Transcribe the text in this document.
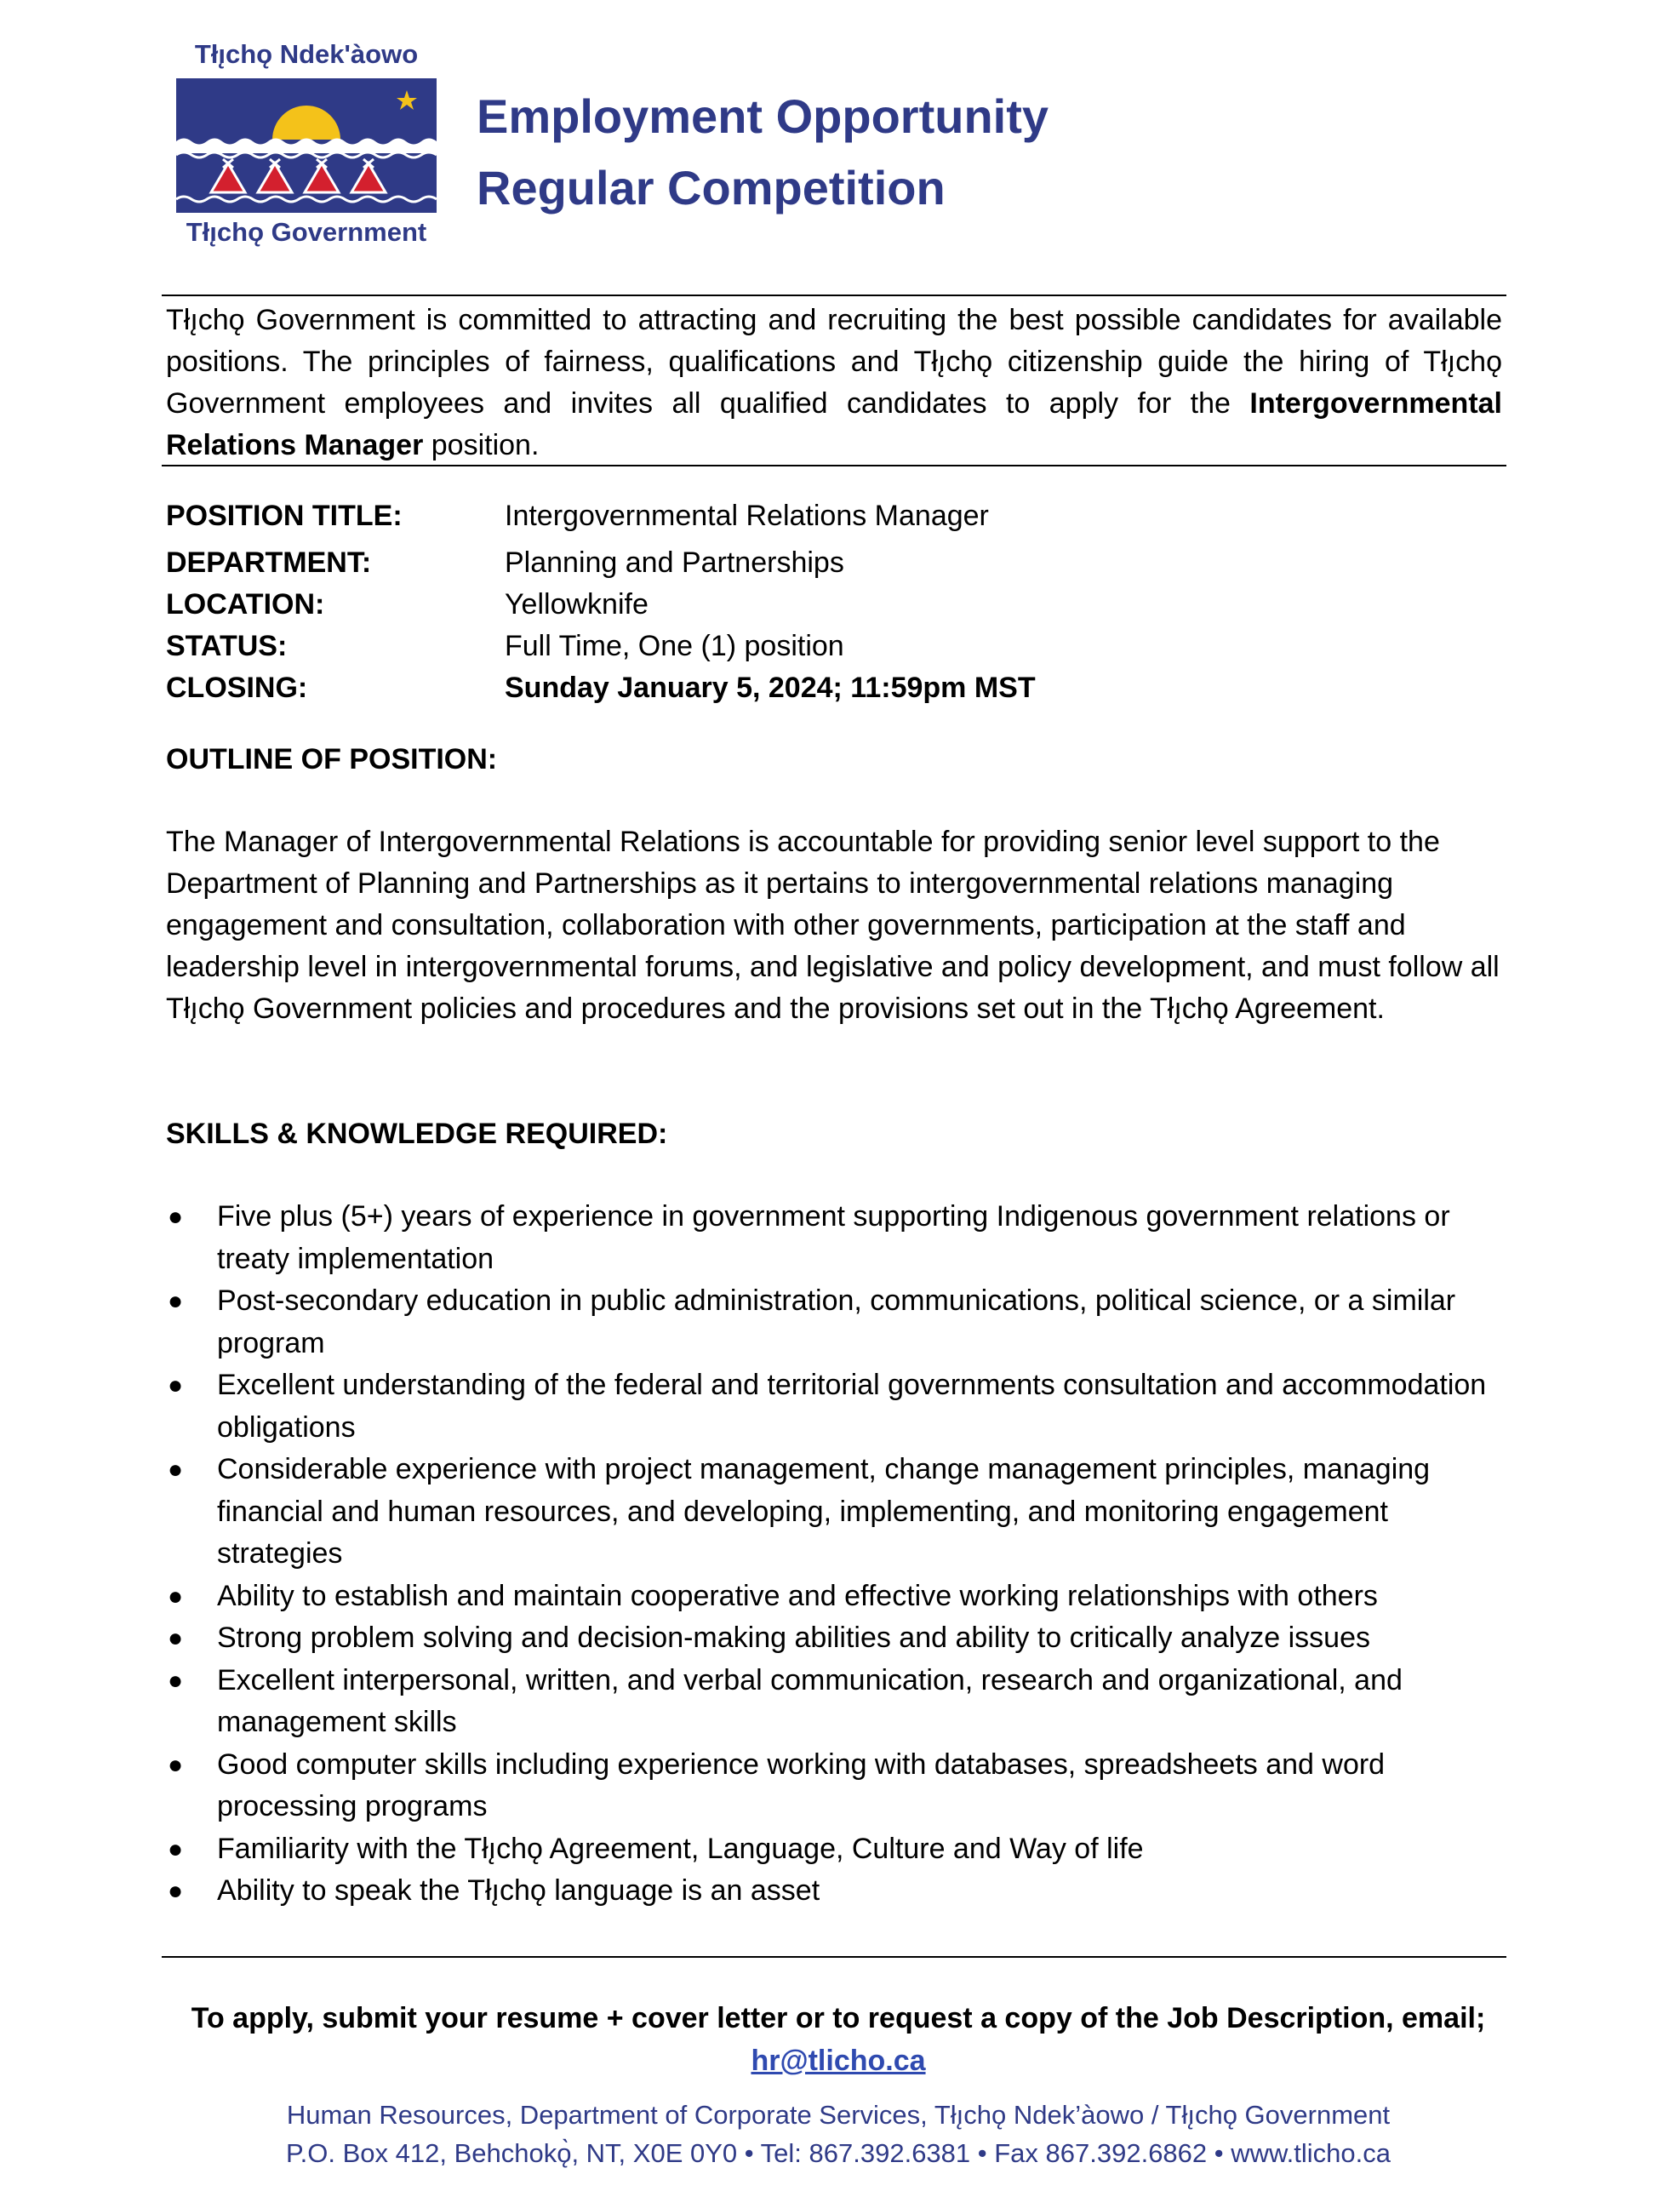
Tłı̨chǫ Ndek'àowo
Tłı̨chǫ Government
Employment Opportunity
Regular Competition
Tłı̨chǫ Government is committed to attracting and recruiting the best possible candidates for available positions. The principles of fairness, qualifications and Tłı̨chǫ citizenship guide the hiring of Tłı̨chǫ Government employees and invites all qualified candidates to apply for the Intergovernmental Relations Manager position.
POSITION TITLE:	Intergovernmental Relations Manager
DEPARTMENT:	Planning and Partnerships
LOCATION:	Yellowknife
STATUS:	Full Time, One (1) position
CLOSING:	Sunday January 5, 2024; 11:59pm MST
OUTLINE OF POSITION:
The Manager of Intergovernmental Relations is accountable for providing senior level support to the Department of Planning and Partnerships as it pertains to intergovernmental relations managing engagement and consultation, collaboration with other governments, participation at the staff and leadership level in intergovernmental forums, and legislative and policy development, and must follow all Tłı̨chǫ Government policies and procedures and the provisions set out in the Tłı̨chǫ Agreement.
SKILLS & KNOWLEDGE REQUIRED:
● Five plus (5+) years of experience in government supporting Indigenous government relations or treaty implementation
● Post-secondary education in public administration, communications, political science, or a similar program
● Excellent understanding of the federal and territorial governments consultation and accommodation obligations
● Considerable experience with project management, change management principles, managing financial and human resources, and developing, implementing, and monitoring engagement strategies
● Ability to establish and maintain cooperative and effective working relationships with others
● Strong problem solving and decision-making abilities and ability to critically analyze issues
● Excellent interpersonal, written, and verbal communication, research and organizational, and management skills
● Good computer skills including experience working with databases, spreadsheets and word processing programs
● Familiarity with the Tłı̨chǫ Agreement, Language, Culture and Way of life
● Ability to speak the Tłı̨chǫ language is an asset
To apply, submit your resume + cover letter or to request a copy of the Job Description, email;
hr@tlicho.ca
Human Resources, Department of Corporate Services, Tłı̨chǫ Ndek’àowo / Tłı̨chǫ Government
P.O. Box 412, Behchokǫ̀, NT, X0E 0Y0 • Tel: 867.392.6381 • Fax 867.392.6862 • www.tlicho.ca
